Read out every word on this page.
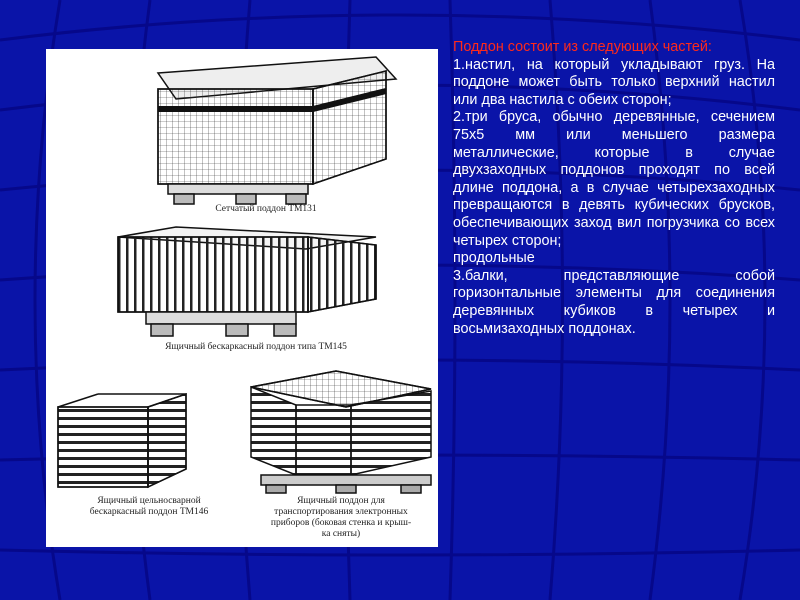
Сетчатый поддон ТМ131
Ящичный бескаркасный поддон типа ТМ145
Ящичный цельносварной
бескаркасный поддон ТМ146
Ящичный поддон для
транспортирования электронных
приборов (боковая стенка и крыш-
ка сняты)

Поддон состоит из следующих частей:

1.настил, на который укладывают груз. На поддоне может быть только верхний настил или два настила с обеих сторон;

2.три бруса, обычно деревянные, сечением 75x5 мм или меньшего размера металлические, которые в случае двухзаходных поддонов проходят по всей длине поддона, а в случае четырехзаходных превращаются в девять кубических брусков, обеспечивающих заход вил погрузчика со всех четырех сторон;

продольные

3.балки, представляющие собой горизонтальные элементы для соединения деревянных кубиков в четырех и восьмизаходных поддонах.
